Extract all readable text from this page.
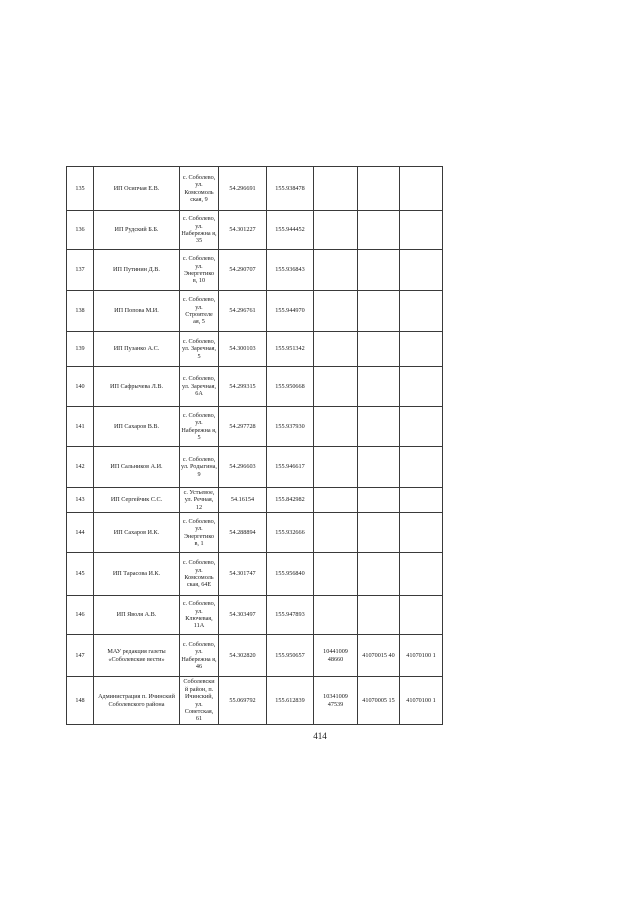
135	ИП Осипчая Е.В.	с. Соболево, ул. Комсомоль ская, 9	54.296691	155.938478			
136	ИП Рудский Б.Б.	с. Соболево, ул. Набережна я, 35	54.301227	155.944452			
137	ИП Путинин Д.В.	с. Соболево, ул. Энергетико в, 10	54.290707	155.936843			
138	ИП Попова М.И.	с. Соболево, ул. Строителе ая, 5	54.296761	155.944970			
139	ИП Пузанко А.С.	с. Соболево, ул. Заречная, 5	54.300103	155.951342			
140	ИП Сафрычева Л.В.	с. Соболево, ул. Заречная, 6А	54.299315	155.950668			
141	ИП Сахаров В.В.	с. Соболево, ул. Набережна я, 5	54.297728	155.937930			
142	ИП Сальников А.И.	с. Соболево, ул. Родыгина, 9	54.296603	155.946617			
143	ИП Сергейчик С.С.	с. Устьевое, ул. Речная, 12	54.16154	155.842982			
144	ИП Сахаров И.К.	с. Соболево, ул. Энергетико в, 1	54.288894	155.932666			
145	ИП Тарасова И.К.	с. Соболево, ул. Комсомоль ская, 64Е	54.301747	155.956840			
146	ИП Яволя А.В.	с. Соболево, ул. Ключевая, 11А	54.303497	155.947893			
147	МАУ редакция газеты «Соболевские вести»	с. Соболево, ул. Набережна я, 46	54.302820	155.950657	10441009 48660	41070015 40	41070100 1
148	Администрация п. Ичинский Соболевского района	Соболевски й район, п. Ичинский, ул. Советская, 61	55.069792	155.612839	10341009 47539	41070005 15	41070100 1
414
